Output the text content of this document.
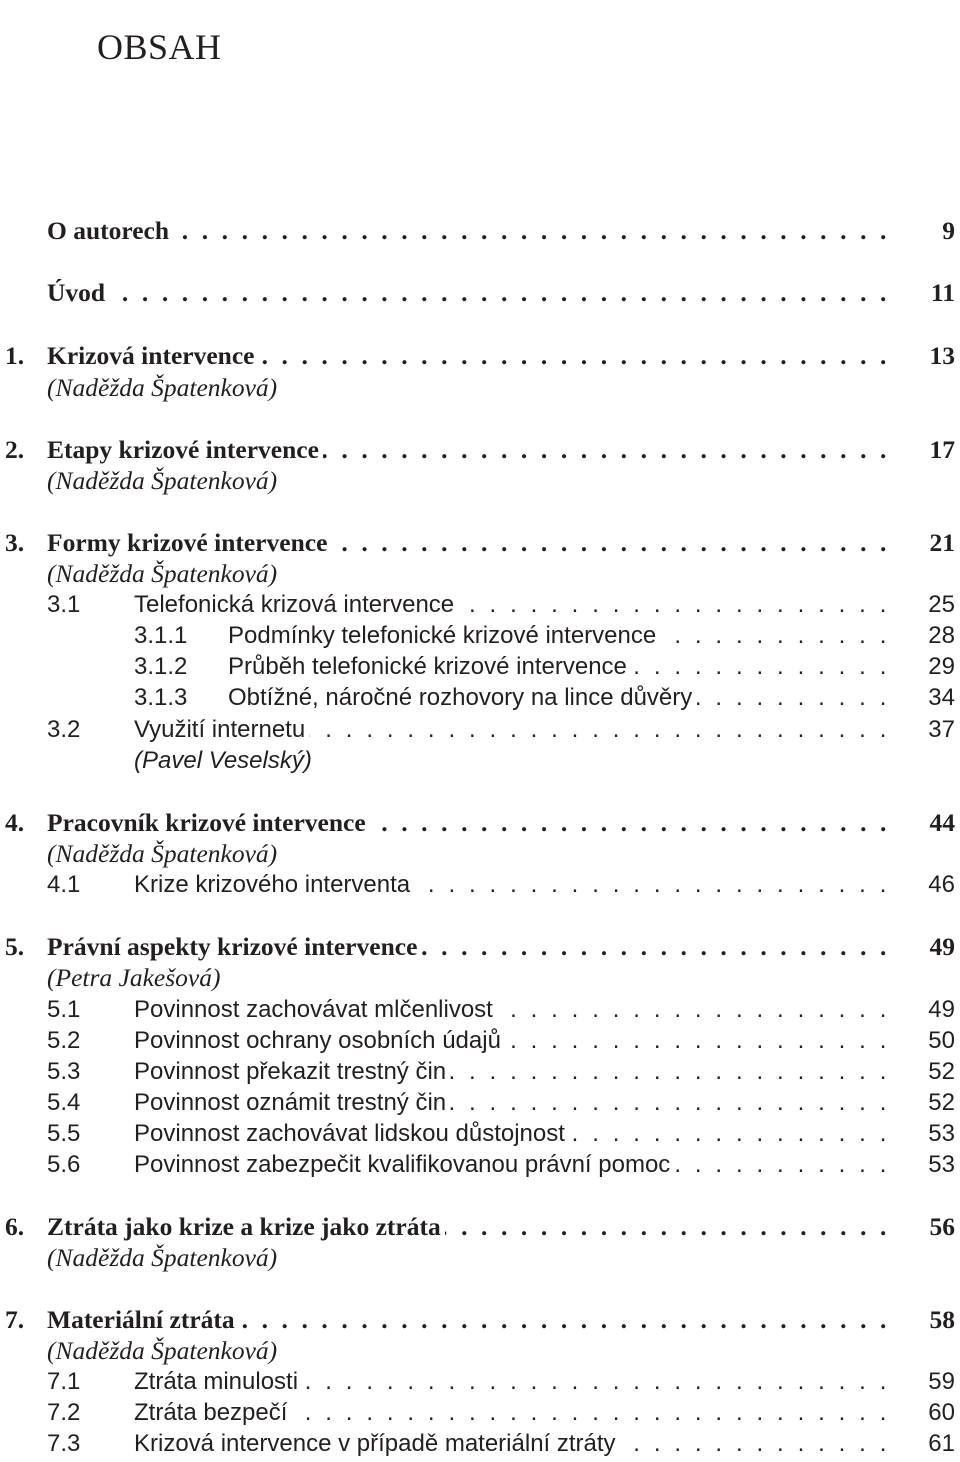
OBSAH
O autorech . . .	9
Úvod . . .	11
1. Krizová intervence . . .	13
(Naděžda Špatenková)
2. Etapy krizové intervence . . .	17
(Naděžda Špatenková)
3. Formy krizové intervence . . .	21
(Naděžda Špatenková)
3.1 Telefonická krizová intervence . . .	25
3.1.1 Podmínky telefonické krizové intervence . . .	28
3.1.2 Průběh telefonické krizové intervence . . .	29
3.1.3 Obtížné, náročné rozhovory na lince důvěry . . .	34
3.2 Využití internetu . . .	37
(Pavel Veselský)
4. Pracovník krizové intervence . . .	44
(Naděžda Špatenková)
4.1 Krize krizového interventa . . .	46
5. Právní aspekty krizové intervence . . .	49
(Petra Jakešová)
5.1 Povinnost zachovávat mlčenlivost . . .	49
5.2 Povinnost ochrany osobních údajů . . .	50
5.3 Povinnost překazit trestný čin . . .	52
5.4 Povinnost oznámit trestný čin . . .	52
5.5 Povinnost zachovávat lidskou důstojnost . . .	53
5.6 Povinnost zabezpečit kvalifikovanou právní pomoc . . .	53
6. Ztráta jako krize a krize jako ztráta . . .	56
(Naděžda Špatenková)
7. Materiální ztráta . . .	58
(Naděžda Špatenková)
7.1 Ztráta minulosti . . .	59
7.2 Ztráta bezpečí . . .	60
7.3 Krizová intervence v případě materiální ztráty . . .	61
